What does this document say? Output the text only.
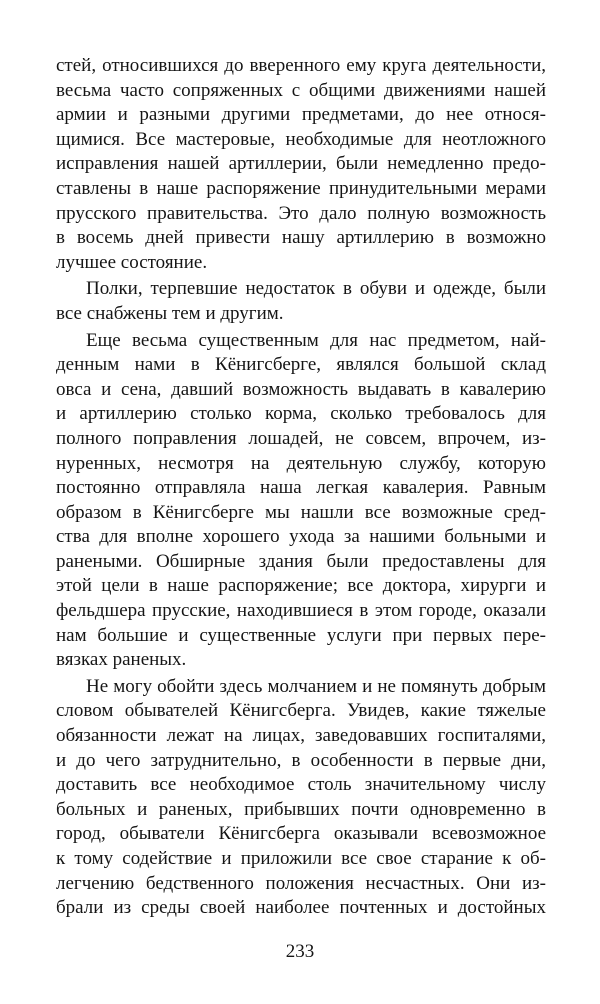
стей, относившихся до вверенного ему круга деятельности,
весьма часто сопряженных с общими движениями нашей
армии и разными другими предметами, до нее относя-
щимися. Все мастеровые, необходимые для неотложного
исправления нашей артиллерии, были немедленно предо-
ставлены в наше распоряжение принудительными мерами
прусского правительства. Это дало полную возможность
в восемь дней привести нашу артиллерию в возможно
лучшее состояние.
Полки, терпевшие недостаток в обуви и одежде, были
все снабжены тем и другим.
Еще весьма существенным для нас предметом, най-
денным нами в Кёнигсберге, являлся большой склад
овса и сена, давший возможность выдавать в кавалерию
и артиллерию столько корма, сколько требовалось для
полного поправления лошадей, не совсем, впрочем, из-
нуренных, несмотря на деятельную службу, которую
постоянно отправляла наша легкая кавалерия. Равным
образом в Кёнигсберге мы нашли все возможные сред-
ства для вполне хорошего ухода за нашими больными и
ранеными. Обширные здания были предоставлены для
этой цели в наше распоряжение; все доктора, хирурги и
фельдшера прусские, находившиеся в этом городе, оказали
нам большие и существенные услуги при первых пере-
вязках раненых.
Не могу обойти здесь молчанием и не помянуть добрым
словом обывателей Кёнигсберга. Увидев, какие тяжелые
обязанности лежат на лицах, заведовавших госпиталями,
и до чего затруднительно, в особенности в первые дни,
доставить все необходимое столь значительному числу
больных и раненых, прибывших почти одновременно в
город, обыватели Кёнигсберга оказывали всевозможное
к тому содействие и приложили все свое старание к об-
легчению бедственного положения несчастных. Они из-
брали из среды своей наиболее почтенных и достойных
233
